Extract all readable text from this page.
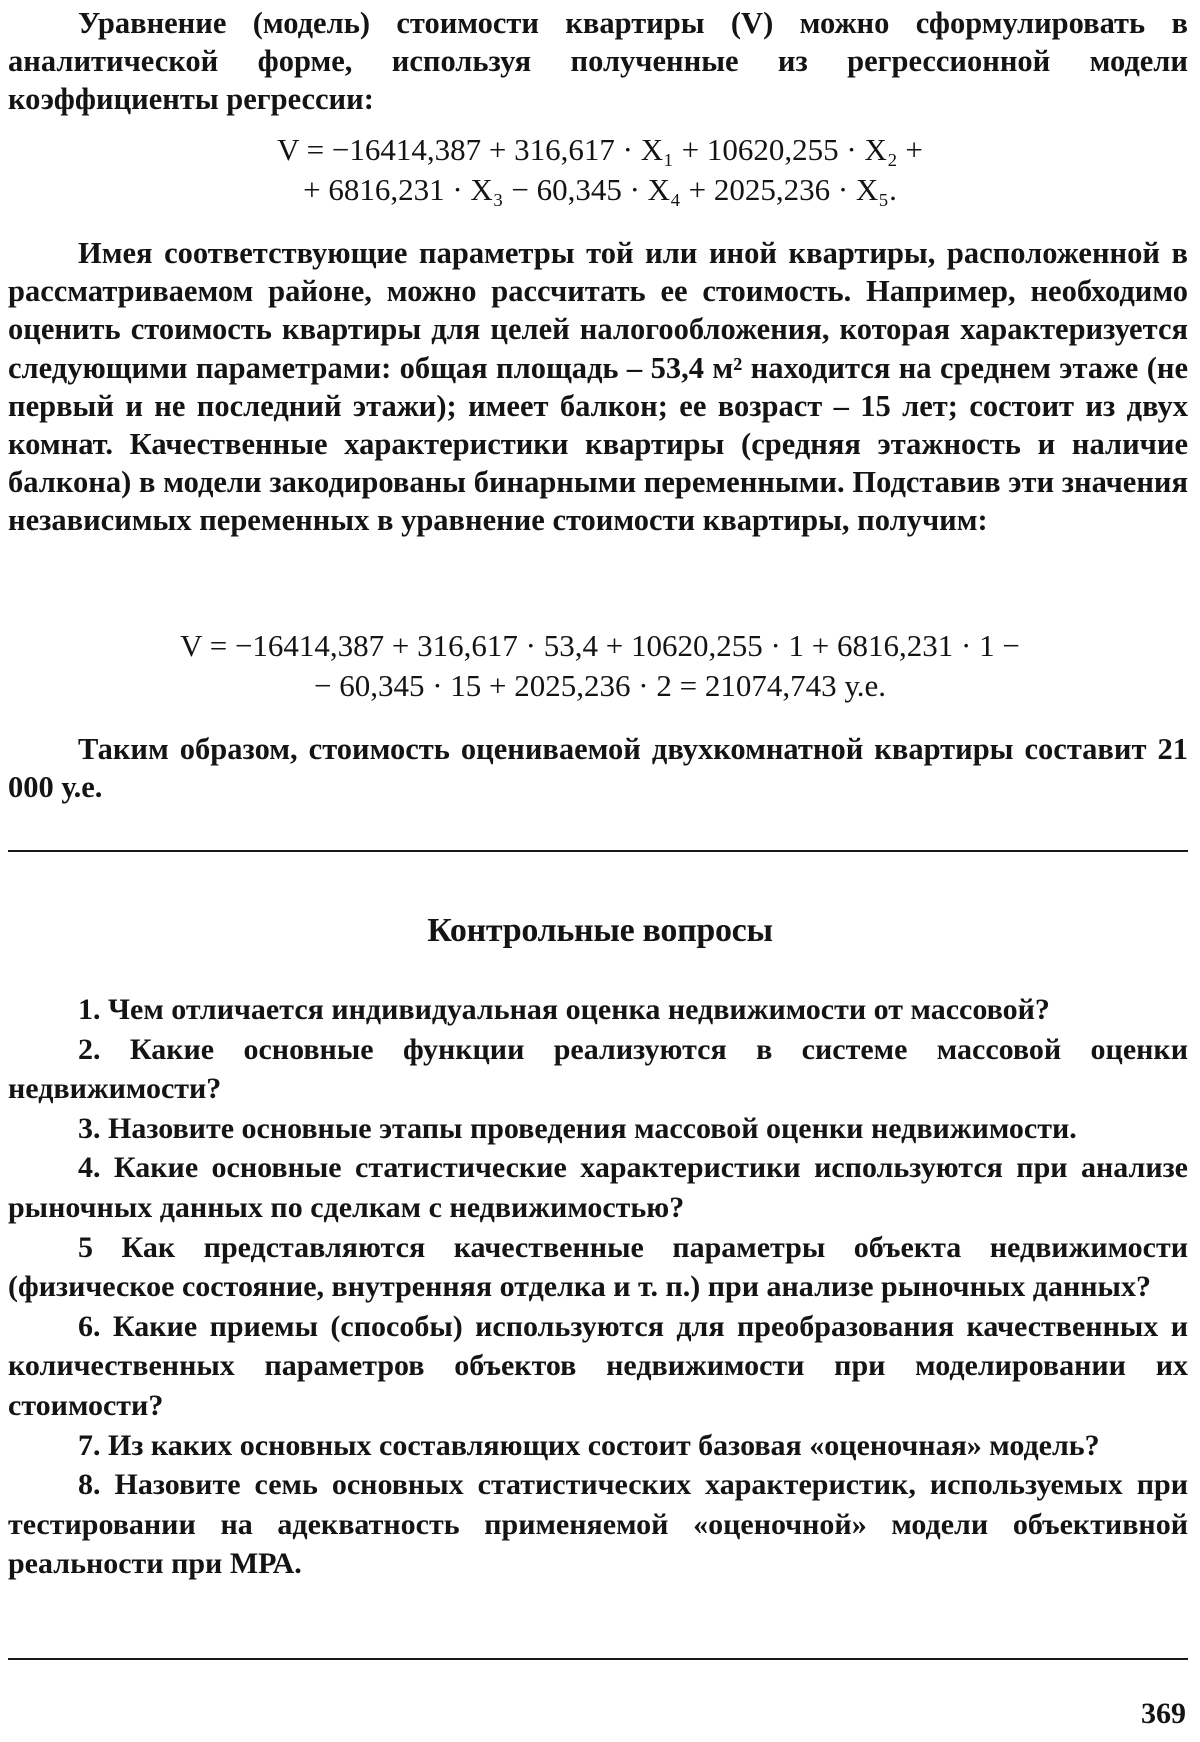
Уравнение (модель) стоимости квартиры (V) можно сформулировать в аналитической форме, используя полученные из регрессионной модели коэффициенты регрессии:

V = −16414,387 + 316,617 · X₁ + 10620,255 · X₂ +
+ 6816,231 · X₃ − 60,345 · X₄ + 2025,236 · X₅.

Имея соответствующие параметры той или иной квартиры, расположенной в рассматриваемом районе, можно рассчитать ее стоимость. Например, необходимо оценить стоимость квартиры для целей налогообложения, которая характеризуется следующими параметрами: общая площадь – 53,4 м² находится на среднем этаже (не первый и не последний этажи); имеет балкон; ее возраст – 15 лет; состоит из двух комнат. Качественные характеристики квартиры (средняя этажность и наличие балкона) в модели закодированы бинарными переменными. Подставив эти значения независимых переменных в уравнение стоимости квартиры, получим:

V = −16414,387 + 316,617 · 53,4 + 10620,255 · 1 + 6816,231 · 1 −
− 60,345 · 15 + 2025,236 · 2 = 21074,743 у.е.

Таким образом, стоимость оцениваемой двухкомнатной квартиры составит 21 000 у.е.

Контрольные вопросы

1. Чем отличается индивидуальная оценка недвижимости от массовой?

2. Какие основные функции реализуются в системе массовой оценки недвижимости?

3. Назовите основные этапы проведения массовой оценки недвижимости.

4. Какие основные статистические характеристики используются при анализе рыночных данных по сделкам с недвижимостью?

5 Как представляются качественные параметры объекта недвижимости (физическое состояние, внутренняя отделка и т. п.) при анализе рыночных данных?

6. Какие приемы (способы) используются для преобразования качественных и количественных параметров объектов недвижимости при моделировании их стоимости?

7. Из каких основных составляющих состоит базовая «оценочная» модель?

8. Назовите семь основных статистических характеристик, используемых при тестировании на адекватность применяемой «оценочной» модели объективной реальности при МРА.

369
